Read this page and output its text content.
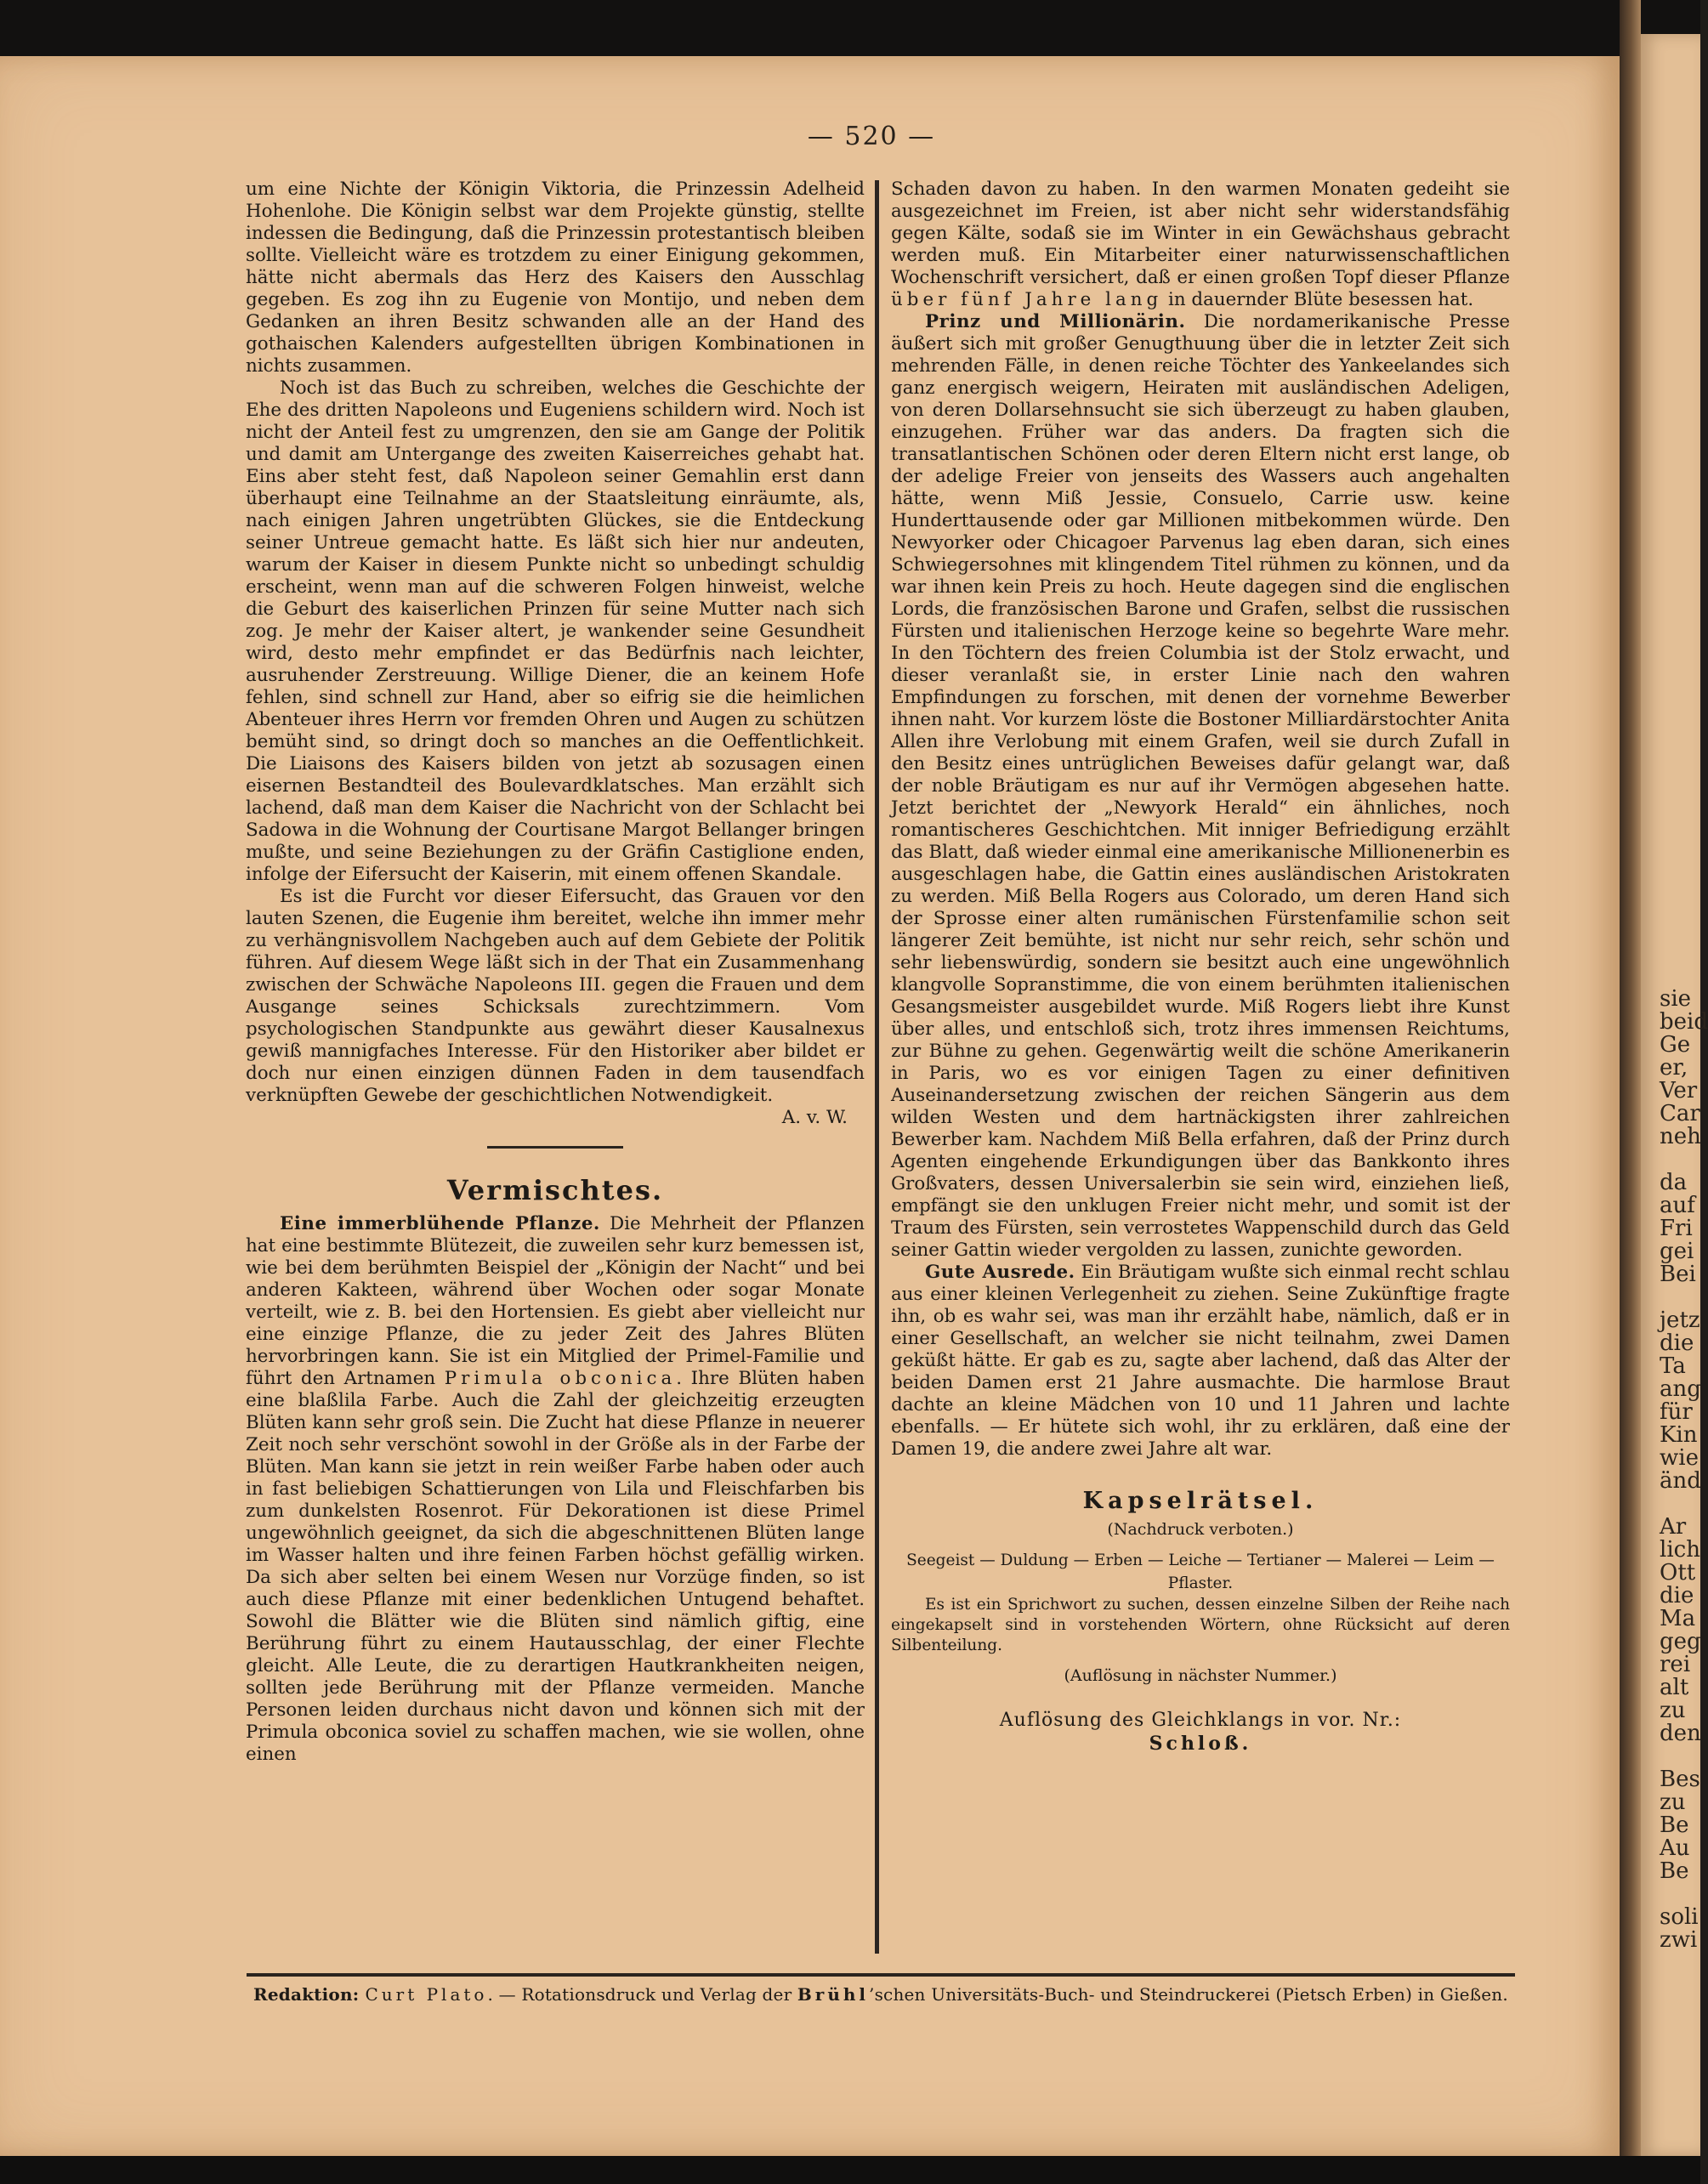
sie
beid
Ge
er,
Ver
Car
neh
da
auf
Fri
gei
Bei
jetz
die
Ta
ang
für
Kin
wie
änd
Ar
lich
Ott
die
Ma
geg
rei
alt
zu
den
Bes
zu
Be
Au
Be
soli
zwi
— 520 —

um eine Nichte der Königin Viktoria, die Prinzessin Adelheid Hohenlohe. Die Königin selbst war dem Projekte günstig, stellte indessen die Bedingung, daß die Prinzessin protestantisch bleiben sollte. Vielleicht wäre es trotzdem zu einer Einigung gekommen, hätte nicht abermals das Herz des Kaisers den Ausschlag gegeben. Es zog ihn zu Eugenie von Montijo, und neben dem Gedanken an ihren Besitz schwanden alle an der Hand des gothaischen Kalenders aufgestellten übrigen Kombinationen in nichts zusammen.

Noch ist das Buch zu schreiben, welches die Geschichte der Ehe des dritten Napoleons und Eugeniens schildern wird. Noch ist nicht der Anteil fest zu umgrenzen, den sie am Gange der Politik und damit am Untergange des zweiten Kaiserreiches gehabt hat. Eins aber steht fest, daß Napoleon seiner Gemahlin erst dann überhaupt eine Teilnahme an der Staatsleitung einräumte, als, nach einigen Jahren ungetrübten Glückes, sie die Entdeckung seiner Untreue gemacht hatte. Es läßt sich hier nur andeuten, warum der Kaiser in diesem Punkte nicht so unbedingt schuldig erscheint, wenn man auf die schweren Folgen hinweist, welche die Geburt des kaiserlichen Prinzen für seine Mutter nach sich zog. Je mehr der Kaiser altert, je wankender seine Gesundheit wird, desto mehr empfindet er das Bedürfnis nach leichter, ausruhender Zerstreuung. Willige Diener, die an keinem Hofe fehlen, sind schnell zur Hand, aber so eifrig sie die heimlichen Abenteuer ihres Herrn vor fremden Ohren und Augen zu schützen bemüht sind, so dringt doch so manches an die Oeffentlichkeit. Die Liaisons des Kaisers bilden von jetzt ab sozusagen einen eisernen Bestandteil des Boulevardklatsches. Man erzählt sich lachend, daß man dem Kaiser die Nachricht von der Schlacht bei Sadowa in die Wohnung der Courtisane Margot Bellanger bringen mußte, und seine Beziehungen zu der Gräfin Castiglione enden, infolge der Eifersucht der Kaiserin, mit einem offenen Skandale.

Es ist die Furcht vor dieser Eifersucht, das Grauen vor den lauten Szenen, die Eugenie ihm bereitet, welche ihn immer mehr zu verhängnisvollem Nachgeben auch auf dem Gebiete der Politik führen. Auf diesem Wege läßt sich in der That ein Zusammenhang zwischen der Schwäche Napoleons III. gegen die Frauen und dem Ausgange seines Schicksals zurechtzimmern. Vom psychologischen Standpunkte aus gewährt dieser Kausalnexus gewiß mannigfaches Interesse. Für den Historiker aber bildet er doch nur einen einzigen dünnen Faden in dem tausendfach verknüpften Gewebe der geschichtlichen Notwendigkeit.
A. v. W.

Vermischtes.

Eine immerblühende Pflanze. Die Mehrheit der Pflanzen hat eine bestimmte Blütezeit, die zuweilen sehr kurz bemessen ist, wie bei dem berühmten Beispiel der „Königin der Nacht“ und bei anderen Kakteen, während über Wochen oder sogar Monate verteilt, wie z. B. bei den Hortensien. Es giebt aber vielleicht nur eine einzige Pflanze, die zu jeder Zeit des Jahres Blüten hervorbringen kann. Sie ist ein Mitglied der Primel-Familie und führt den Artnamen Primula obconica. Ihre Blüten haben eine blaßlila Farbe. Auch die Zahl der gleichzeitig erzeugten Blüten kann sehr groß sein. Die Zucht hat diese Pflanze in neuerer Zeit noch sehr verschönt sowohl in der Größe als in der Farbe der Blüten. Man kann sie jetzt in rein weißer Farbe haben oder auch in fast beliebigen Schattierungen von Lila und Fleischfarben bis zum dunkelsten Rosenrot. Für Dekorationen ist diese Primel ungewöhnlich geeignet, da sich die abgeschnittenen Blüten lange im Wasser halten und ihre feinen Farben höchst gefällig wirken. Da sich aber selten bei einem Wesen nur Vorzüge finden, so ist auch diese Pflanze mit einer bedenklichen Untugend behaftet. Sowohl die Blätter wie die Blüten sind nämlich giftig, eine Berührung führt zu einem Hautausschlag, der einer Flechte gleicht. Alle Leute, die zu derartigen Hautkrankheiten neigen, sollten jede Berührung mit der Pflanze vermeiden. Manche Personen leiden durchaus nicht davon und können sich mit der Primula obconica soviel zu schaffen machen, wie sie wollen, ohne einen

Schaden davon zu haben. In den warmen Monaten gedeiht sie ausgezeichnet im Freien, ist aber nicht sehr widerstandsfähig gegen Kälte, sodaß sie im Winter in ein Gewächshaus gebracht werden muß. Ein Mitarbeiter einer naturwissenschaftlichen Wochenschrift versichert, daß er einen großen Topf dieser Pflanze über fünf Jahre lang in dauernder Blüte besessen hat.

Prinz und Millionärin. Die nordamerikanische Presse äußert sich mit großer Genugthuung über die in letzter Zeit sich mehrenden Fälle, in denen reiche Töchter des Yankeelandes sich ganz energisch weigern, Heiraten mit ausländischen Adeligen, von deren Dollarsehnsucht sie sich überzeugt zu haben glauben, einzugehen. Früher war das anders. Da fragten sich die transatlantischen Schönen oder deren Eltern nicht erst lange, ob der adelige Freier von jenseits des Wassers auch angehalten hätte, wenn Miß Jessie, Consuelo, Carrie usw. keine Hunderttausende oder gar Millionen mitbekommen würde. Den Newyorker oder Chicagoer Parvenus lag eben daran, sich eines Schwiegersohnes mit klingendem Titel rühmen zu können, und da war ihnen kein Preis zu hoch. Heute dagegen sind die englischen Lords, die französischen Barone und Grafen, selbst die russischen Fürsten und italienischen Herzoge keine so begehrte Ware mehr. In den Töchtern des freien Columbia ist der Stolz erwacht, und dieser veranlaßt sie, in erster Linie nach den wahren Empfindungen zu forschen, mit denen der vornehme Bewerber ihnen naht. Vor kurzem löste die Bostoner Milliardärstochter Anita Allen ihre Verlobung mit einem Grafen, weil sie durch Zufall in den Besitz eines untrüglichen Beweises dafür gelangt war, daß der noble Bräutigam es nur auf ihr Vermögen abgesehen hatte. Jetzt berichtet der „Newyork Herald“ ein ähnliches, noch romantischeres Geschichtchen. Mit inniger Befriedigung erzählt das Blatt, daß wieder einmal eine amerikanische Millionenerbin es ausgeschlagen habe, die Gattin eines ausländischen Aristokraten zu werden. Miß Bella Rogers aus Colorado, um deren Hand sich der Sprosse einer alten rumänischen Fürstenfamilie schon seit längerer Zeit bemühte, ist nicht nur sehr reich, sehr schön und sehr liebenswürdig, sondern sie besitzt auch eine ungewöhnlich klangvolle Sopranstimme, die von einem berühmten italienischen Gesangsmeister ausgebildet wurde. Miß Rogers liebt ihre Kunst über alles, und entschloß sich, trotz ihres immensen Reichtums, zur Bühne zu gehen. Gegenwärtig weilt die schöne Amerikanerin in Paris, wo es vor einigen Tagen zu einer definitiven Auseinandersetzung zwischen der reichen Sängerin aus dem wilden Westen und dem hartnäckigsten ihrer zahlreichen Bewerber kam. Nachdem Miß Bella erfahren, daß der Prinz durch Agenten eingehende Erkundigungen über das Bankkonto ihres Großvaters, dessen Universalerbin sie sein wird, einziehen ließ, empfängt sie den unklugen Freier nicht mehr, und somit ist der Traum des Fürsten, sein verrostetes Wappenschild durch das Geld seiner Gattin wieder vergolden zu lassen, zunichte geworden.

Gute Ausrede. Ein Bräutigam wußte sich einmal recht schlau aus einer kleinen Verlegenheit zu ziehen. Seine Zukünftige fragte ihn, ob es wahr sei, was man ihr erzählt habe, nämlich, daß er in einer Gesellschaft, an welcher sie nicht teilnahm, zwei Damen geküßt hätte. Er gab es zu, sagte aber lachend, daß das Alter der beiden Damen erst 21 Jahre ausmachte. Die harmlose Braut dachte an kleine Mädchen von 10 und 11 Jahren und lachte ebenfalls. — Er hütete sich wohl, ihr zu erklären, daß eine der Damen 19, die andere zwei Jahre alt war.

Kapselrätsel.
(Nachdruck verboten.)
Seegeist — Duldung — Erben — Leiche — Tertianer — Malerei — Leim — Pflaster.

Es ist ein Sprichwort zu suchen, dessen einzelne Silben der Reihe nach eingekapselt sind in vorstehenden Wörtern, ohne Rücksicht auf deren Silbenteilung.

(Auflösung in nächster Nummer.)
Auflösung des Gleichklangs in vor. Nr.:
Schloß.
Redaktion: Curt Plato. — Rotationsdruck und Verlag der Brühl’schen Universitäts-Buch- und Steindruckerei (Pietsch Erben) in Gießen.
